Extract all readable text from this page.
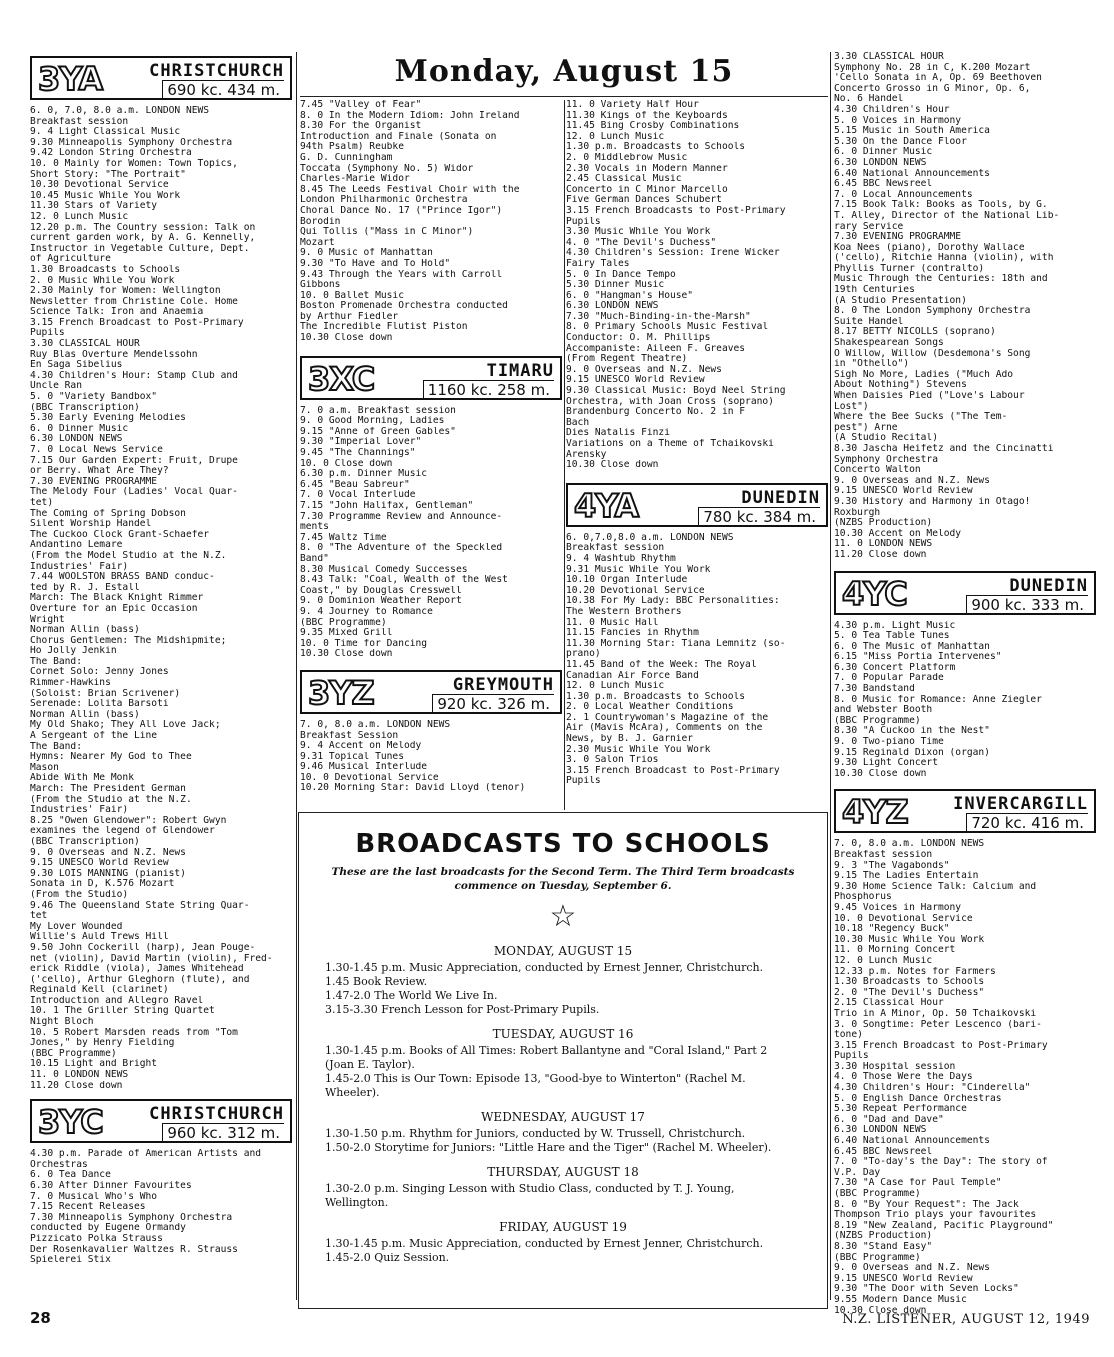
Monday, August 15
3YA	CHRISTCHURCH
690 kc. 434 m.
6. 0, 7.0, 8.0 a.m. LONDON NEWS
Breakfast session
9. 4 Light Classical Music
9.30 Minneapolis Symphony Orchestra
9.42 London String Orchestra
10. 0 Mainly for Women: Town Topics,
Short Story: "The Portrait"
10.30 Devotional Service
10.45 Music While You Work
11.30 Stars of Variety
12. 0 Lunch Music
12.20 p.m. The Country session: Talk on
current garden work, by A. G. Kennelly,
Instructor in Vegetable Culture, Dept.
of Agriculture
1.30 Broadcasts to Schools
2. 0 Music While You Work
2.30 Mainly for Women: Wellington
Newsletter from Christine Cole. Home
Science Talk: Iron and Anaemia
3.15 French Broadcast to Post-Primary
Pupils
3.30 CLASSICAL HOUR
Ruy Blas Overture Mendelssohn
En Saga Sibelius
4.30 Children's Hour: Stamp Club and
Uncle Ran
5. 0 "Variety Bandbox"
(BBC Transcription)
5.30 Early Evening Melodies
6. 0 Dinner Music
6.30 LONDON NEWS
7. 0 Local News Service
7.15 Our Garden Expert: Fruit, Drupe
or Berry. What Are They?
7.30 EVENING PROGRAMME
The Melody Four (Ladies' Vocal Quar-
tet)
The Coming of Spring Dobson
Silent Worship Handel
The Cuckoo Clock Grant-Schaefer
Andantino Lemare
(From the Model Studio at the N.Z.
Industries' Fair)
7.44 WOOLSTON BRASS BAND conduc-
ted by R. J. Estall
March: The Black Knight Rimmer
Overture for an Epic Occasion
Wright
Norman Allin (bass)
Chorus Gentlemen: The Midshipmite;
Ho Jolly Jenkin
The Band:
Cornet Solo: Jenny Jones
Rimmer-Hawkins
(Soloist: Brian Scrivener)
Serenade: Lolita Barsoti
Norman Allin (bass)
My Old Shako; They All Love Jack;
A Sergeant of the Line
The Band:
Hymns: Nearer My God to Thee
Mason
Abide With Me Monk
March: The President German
(From the Studio at the N.Z.
Industries' Fair)
8.25 "Owen Glendower": Robert Gwyn
examines the legend of Glendower
(BBC Transcription)
9. 0 Overseas and N.Z. News
9.15 UNESCO World Review
9.30 LOIS MANNING (pianist)
Sonata in D, K.576 Mozart
(From the Studio)
9.46 The Queensland State String Quar-
tet
My Lover Wounded
Willie's Auld Trews Hill
9.50 John Cockerill (harp), Jean Pouge-
net (violin), David Martin (violin), Fred-
erick Riddle (viola), James Whitehead
('cello), Arthur Gleghorn (flute), and
Reginald Kell (clarinet)
Introduction and Allegro Ravel
10. 1 The Griller String Quartet
Night Bloch
10. 5 Robert Marsden reads from "Tom
Jones," by Henry Fielding
(BBC Programme)
10.15 Light and Bright
11. 0 LONDON NEWS
11.20 Close down
3YC	CHRISTCHURCH
960 kc. 312 m.
4.30 p.m. Parade of American Artists and
Orchestras
6. 0 Tea Dance
6.30 After Dinner Favourites
7. 0 Musical Who's Who
7.15 Recent Releases
7.30 Minneapolis Symphony Orchestra
conducted by Eugene Ormandy
Pizzicato Polka Strauss
Der Rosenkavalier Waltzes R. Strauss
Spielerei Stix
7.45 "Valley of Fear"
8. 0 In the Modern Idiom: John Ireland
8.30 For the Organist
Introduction and Finale (Sonata on
94th Psalm) Reubke
G. D. Cunningham
Toccata (Symphony No. 5) Widor
Charles-Marie Widor
8.45 The Leeds Festival Choir with the
London Philharmonic Orchestra
Choral Dance No. 17 ("Prince Igor")
Borodin
Qui Tollis ("Mass in C Minor")
Mozart
9. 0 Music of Manhattan
9.30 "To Have and To Hold"
9.43 Through the Years with Carroll
Gibbons
10. 0 Ballet Music
Boston Promenade Orchestra conducted
by Arthur Fiedler
The Incredible Flutist Piston
10.30 Close down
3XC	TIMARU
1160 kc. 258 m.
7. 0 a.m. Breakfast session
9. 0 Good Morning, Ladies
9.15 "Anne of Green Gables"
9.30 "Imperial Lover"
9.45 "The Channings"
10. 0 Close down
6.30 p.m. Dinner Music
6.45 "Beau Sabreur"
7. 0 Vocal Interlude
7.15 "John Halifax, Gentleman"
7.30 Programme Review and Announce-
ments
7.45 Waltz Time
8. 0 "The Adventure of the Speckled
Band"
8.30 Musical Comedy Successes
8.43 Talk: "Coal, Wealth of the West
Coast," by Douglas Cresswell
9. 0 Dominion Weather Report
9. 4 Journey to Romance
(BBC Programme)
9.35 Mixed Grill
10. 0 Time for Dancing
10.30 Close down
3YZ	GREYMOUTH
920 kc. 326 m.
7. 0, 8.0 a.m. LONDON NEWS
Breakfast Session
9. 4 Accent on Melody
9.31 Topical Tunes
9.46 Musical Interlude
10. 0 Devotional Service
10.20 Morning Star: David Lloyd (tenor)
11. 0 Variety Half Hour
11.30 Kings of the Keyboards
11.45 Bing Crosby Combinations
12. 0 Lunch Music
1.30 p.m. Broadcasts to Schools
2. 0 Middlebrow Music
2.30 Vocals in Modern Manner
2.45 Classical Music
Concerto in C Minor Marcello
Five German Dances Schubert
3.15 French Broadcasts to Post-Primary
Pupils
3.30 Music While You Work
4. 0 "The Devil's Duchess"
4.30 Children's Session: Irene Wicker
Fairy Tales
5. 0 In Dance Tempo
5.30 Dinner Music
6. 0 "Hangman's House"
6.30 LONDON NEWS
7.30 "Much-Binding-in-the-Marsh"
8. 0 Primary Schools Music Festival
Conductor: O. M. Phillips
Accompaniste: Aileen F. Greaves
(From Regent Theatre)
9. 0 Overseas and N.Z. News
9.15 UNESCO World Review
9.30 Classical Music: Boyd Neel String
Orchestra, with Joan Cross (soprano)
Brandenburg Concerto No. 2 in F
Bach
Dies Natalis Finzi
Variations on a Theme of Tchaikovski
Arensky
10.30 Close down
4YA	DUNEDIN
780 kc. 384 m.
6. 0,7.0,8.0 a.m. LONDON NEWS
Breakfast session
9. 4 Washtub Rhythm
9.31 Music While You Work
10.10 Organ Interlude
10.20 Devotional Service
10.38 For My Lady: BBC Personalities:
The Western Brothers
11. 0 Music Hall
11.15 Fancies in Rhythm
11.30 Morning Star: Tiana Lemnitz (so-
prano)
11.45 Band of the Week: The Royal
Canadian Air Force Band
12. 0 Lunch Music
1.30 p.m. Broadcasts to Schools
2. 0 Local Weather Conditions
2. 1 Countrywoman's Magazine of the
Air (Mavis McAra), Comments on the
News, by B. J. Garnier
2.30 Music While You Work
3. 0 Salon Trios
3.15 French Broadcast to Post-Primary
Pupils
3.30 CLASSICAL HOUR
Symphony No. 28 in C, K.200 Mozart
'Cello Sonata in A, Op. 69 Beethoven
Concerto Grosso in G Minor, Op. 6,
No. 6 Handel
4.30 Children's Hour
5. 0 Voices in Harmony
5.15 Music in South America
5.30 On the Dance Floor
6. 0 Dinner Music
6.30 LONDON NEWS
6.40 National Announcements
6.45 BBC Newsreel
7. 0 Local Announcements
7.15 Book Talk: Books as Tools, by G.
T. Alley, Director of the National Lib-
rary Service
7.30 EVENING PROGRAMME
Koa Nees (piano), Dorothy Wallace
('cello), Ritchie Hanna (violin), with
Phyllis Turner (contralto)
Music Through the Centuries: 18th and
19th Centuries
(A Studio Presentation)
8. 0 The London Symphony Orchestra
Suite Handel
8.17 BETTY NICOLLS (soprano)
Shakespearean Songs
O Willow, Willow (Desdemona's Song
in "Othello")
Sigh No More, Ladies ("Much Ado
About Nothing") Stevens
When Daisies Pied ("Love's Labour
Lost")
Where the Bee Sucks ("The Tem-
pest") Arne
(A Studio Recital)
8.30 Jascha Heifetz and the Cincinatti
Symphony Orchestra
Concerto Walton
9. 0 Overseas and N.Z. News
9.15 UNESCO World Review
9.30 History and Harmony in Otago!
Roxburgh
(NZBS Production)
10.30 Accent on Melody
11. 0 LONDON NEWS
11.20 Close down
4YC	DUNEDIN
900 kc. 333 m.
4.30 p.m. Light Music
5. 0 Tea Table Tunes
6. 0 The Music of Manhattan
6.15 "Miss Portia Intervenes"
6.30 Concert Platform
7. 0 Popular Parade
7.30 Bandstand
8. 0 Music for Romance: Anne Ziegler
and Webster Booth
(BBC Programme)
8.30 "A Cuckoo in the Nest"
9. 0 Two-piano Time
9.15 Reginald Dixon (organ)
9.30 Light Concert
10.30 Close down
4YZ	INVERCARGILL
720 kc. 416 m.
7. 0, 8.0 a.m. LONDON NEWS
Breakfast session
9. 3 "The Vagabonds"
9.15 The Ladies Entertain
9.30 Home Science Talk: Calcium and
Phosphorus
9.45 Voices in Harmony
10. 0 Devotional Service
10.18 "Regency Buck"
10.30 Music While You Work
11. 0 Morning Concert
12. 0 Lunch Music
12.33 p.m. Notes for Farmers
1.30 Broadcasts to Schools
2. 0 "The Devil's Duchess"
2.15 Classical Hour
Trio in A Minor, Op. 50 Tchaikovski
3. 0 Songtime: Peter Lescenco (bari-
tone)
3.15 French Broadcast to Post-Primary
Pupils
3.30 Hospital session
4. 0 Those Were the Days
4.30 Children's Hour: "Cinderella"
5. 0 English Dance Orchestras
5.30 Repeat Performance
6. 0 "Dad and Dave"
6.30 LONDON NEWS
6.40 National Announcements
6.45 BBC Newsreel
7. 0 "To-day's the Day": The story of
V.P. Day
7.30 "A Case for Paul Temple"
(BBC Programme)
8. 0 "By Your Request": The Jack
Thompson Trio plays your favourites
8.19 "New Zealand, Pacific Playground"
(NZBS Production)
8.30 "Stand Easy"
(BBC Programme)
9. 0 Overseas and N.Z. News
9.15 UNESCO World Review
9.30 "The Door with Seven Locks"
9.55 Modern Dance Music
10.30 Close down
BROADCASTS TO SCHOOLS
These are the last broadcasts for the Second Term. The Third Term broadcasts commence on Tuesday, September 6.
☆
MONDAY, AUGUST 15
1.30-1.45 p.m. Music Appreciation, conducted by Ernest Jenner, Christchurch.
1.45 Book Review.
1.47-2.0 The World We Live In.
3.15-3.30 French Lesson for Post-Primary Pupils.
TUESDAY, AUGUST 16
1.30-1.45 p.m. Books of All Times: Robert Ballantyne and "Coral Island," Part 2 (Joan E. Taylor).
1.45-2.0 This is Our Town: Episode 13, "Good-bye to Winterton" (Rachel M. Wheeler).
WEDNESDAY, AUGUST 17
1.30-1.50 p.m. Rhythm for Juniors, conducted by W. Trussell, Christchurch.
1.50-2.0 Storytime for Juniors: "Little Hare and the Tiger" (Rachel M. Wheeler).
THURSDAY, AUGUST 18
1.30-2.0 p.m. Singing Lesson with Studio Class, conducted by T. J. Young, Wellington.
FRIDAY, AUGUST 19
1.30-1.45 p.m. Music Appreciation, conducted by Ernest Jenner, Christchurch.
1.45-2.0 Quiz Session.
28	N.Z. LISTENER, AUGUST 12, 1949
